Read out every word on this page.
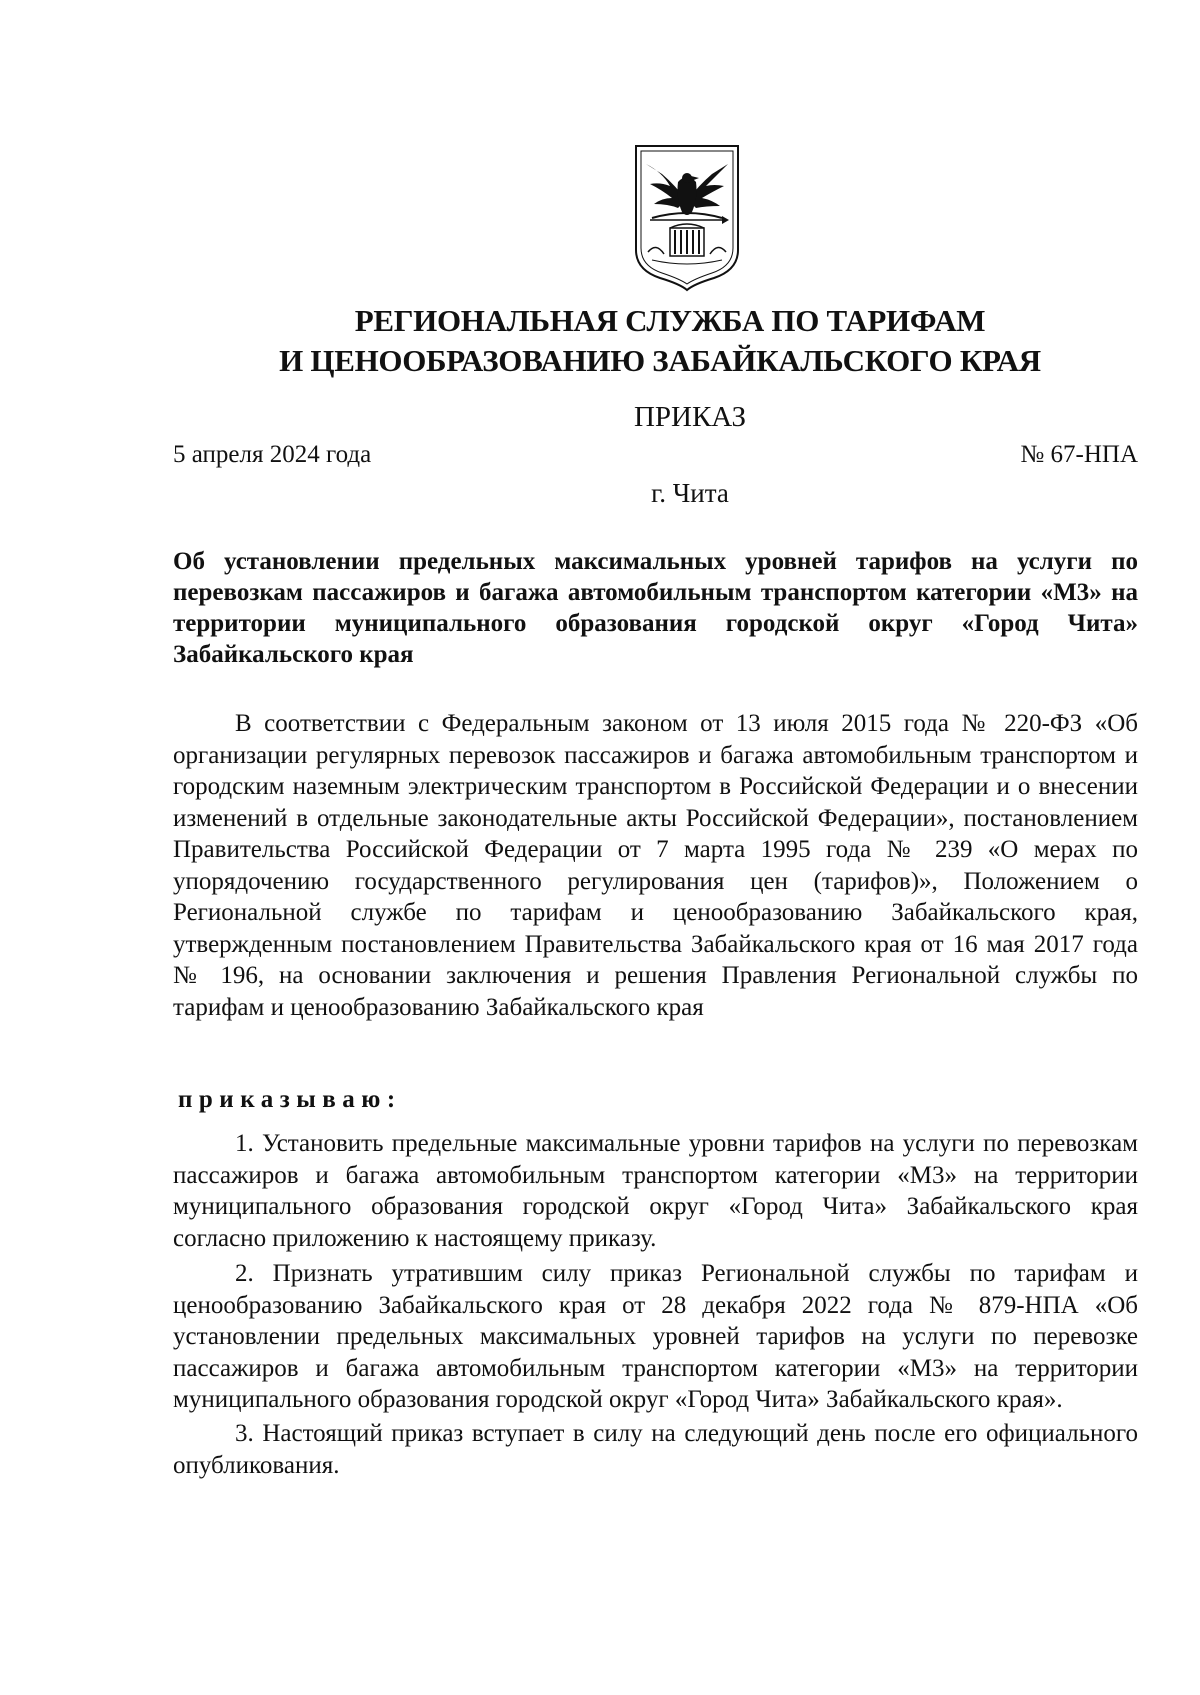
РЕГИОНАЛЬНАЯ СЛУЖБА ПО ТАРИФАМ
И ЦЕНООБРАЗОВАНИЮ ЗАБАЙКАЛЬСКОГО КРАЯ
ПРИКАЗ
5 апреля 2024 года	№ 67-НПА
г. Чита
Об установлении предельных максимальных уровней тарифов на услуги по перевозкам пассажиров и багажа автомобильным транспортом категории «М3» на территории муниципального образования городской округ «Город Чита» Забайкальского края

В соответствии с Федеральным законом от 13 июля 2015 года № 220-ФЗ «Об организации регулярных перевозок пассажиров и багажа автомобильным транспортом и городским наземным электрическим транспортом в Российской Федерации и о внесении изменений в отдельные законодательные акты Российской Федерации», постановлением Правительства Российской Федерации от 7 марта 1995 года № 239 «О мерах по упорядочению государственного регулирования цен (тарифов)», Положением о Региональной службе по тарифам и ценообразованию Забайкальского края, утвержденным постановлением Правительства Забайкальского края от 16 мая 2017 года № 196, на основании заключения и решения Правления Региональной службы по тарифам и ценообразованию Забайкальского края

приказываю:

1. Установить предельные максимальные уровни тарифов на услуги по перевозкам пассажиров и багажа автомобильным транспортом категории «М3» на территории муниципального образования городской округ «Город Чита» Забайкальского края согласно приложению к настоящему приказу.

2. Признать утратившим силу приказ Региональной службы по тарифам и ценообразованию Забайкальского края от 28 декабря 2022 года № 879-НПА «Об установлении предельных максимальных уровней тарифов на услуги по перевозке пассажиров и багажа автомобильным транспортом категории «М3» на территории муниципального образования городской округ «Город Чита» Забайкальского края».

3. Настоящий приказ вступает в силу на следующий день после его официального опубликования.
